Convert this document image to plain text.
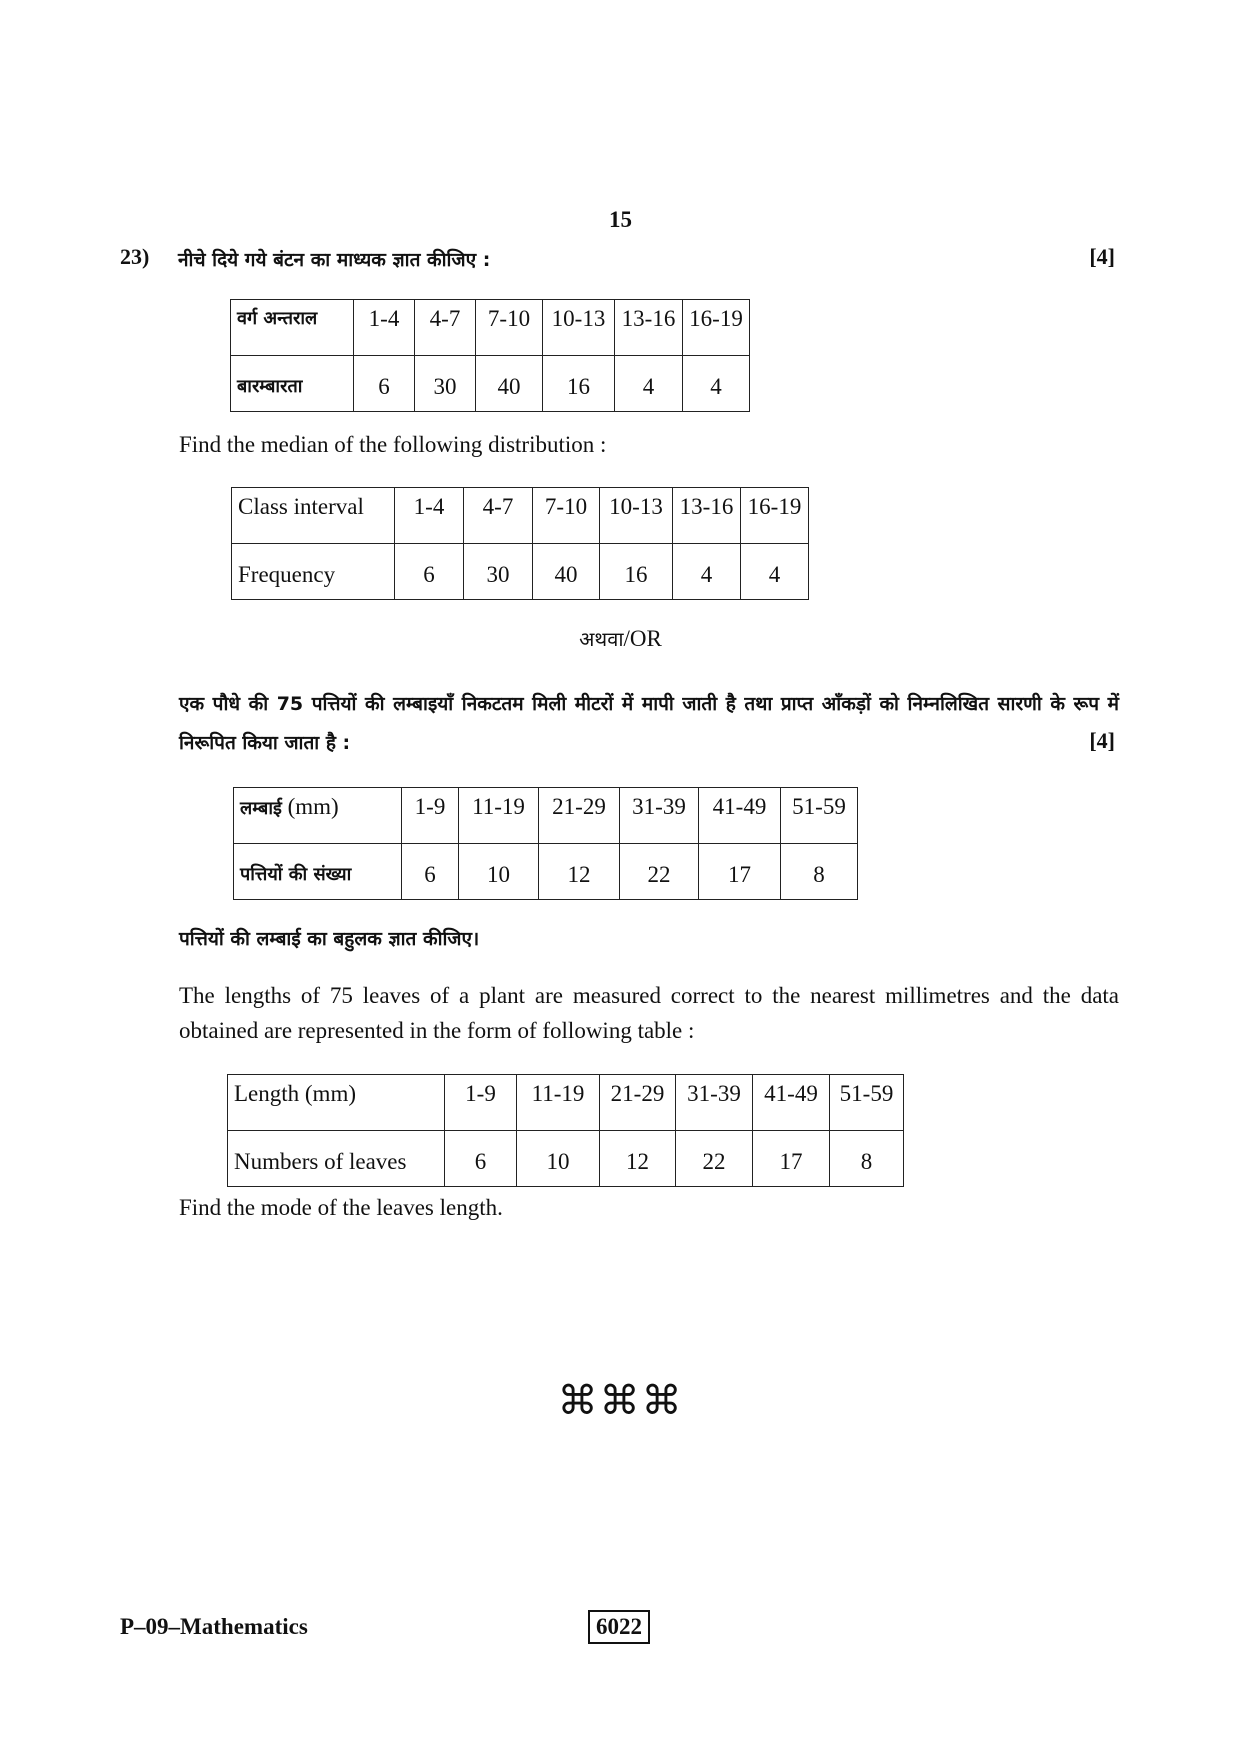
15
23) नीचे दिये गये बंटन का माध्यक ज्ञात कीजिए :	[4]
वर्ग अन्तराल	1-4	4-7	7-10	10-13	13-16	16-19
बारम्बारता	6	30	40	16	4	4
Find the median of the following distribution :
Class interval	1-4	4-7	7-10	10-13	13-16	16-19
Frequency	6	30	40	16	4	4
अथवा/OR
एक पौधे की 75 पत्तियों की लम्बाइयाँ निकटतम मिली मीटरों में मापी जाती है तथा प्राप्त आँकड़ों को निम्नलिखित सारणी के रूप में निरूपित किया जाता है :	[4]
लम्बाई (mm)	1-9	11-19	21-29	31-39	41-49	51-59
पत्तियों की संख्या	6	10	12	22	17	8
पत्तियों की लम्बाई का बहुलक ज्ञात कीजिए।
The lengths of 75 leaves of a plant are measured correct to the nearest millimetres and the data obtained are represented in the form of following table :
Length (mm)	1-9	11-19	21-29	31-39	41-49	51-59
Numbers of leaves	6	10	12	22	17	8
Find the mode of the leaves length.
⌘⌘⌘
P–09–Mathematics	6022
